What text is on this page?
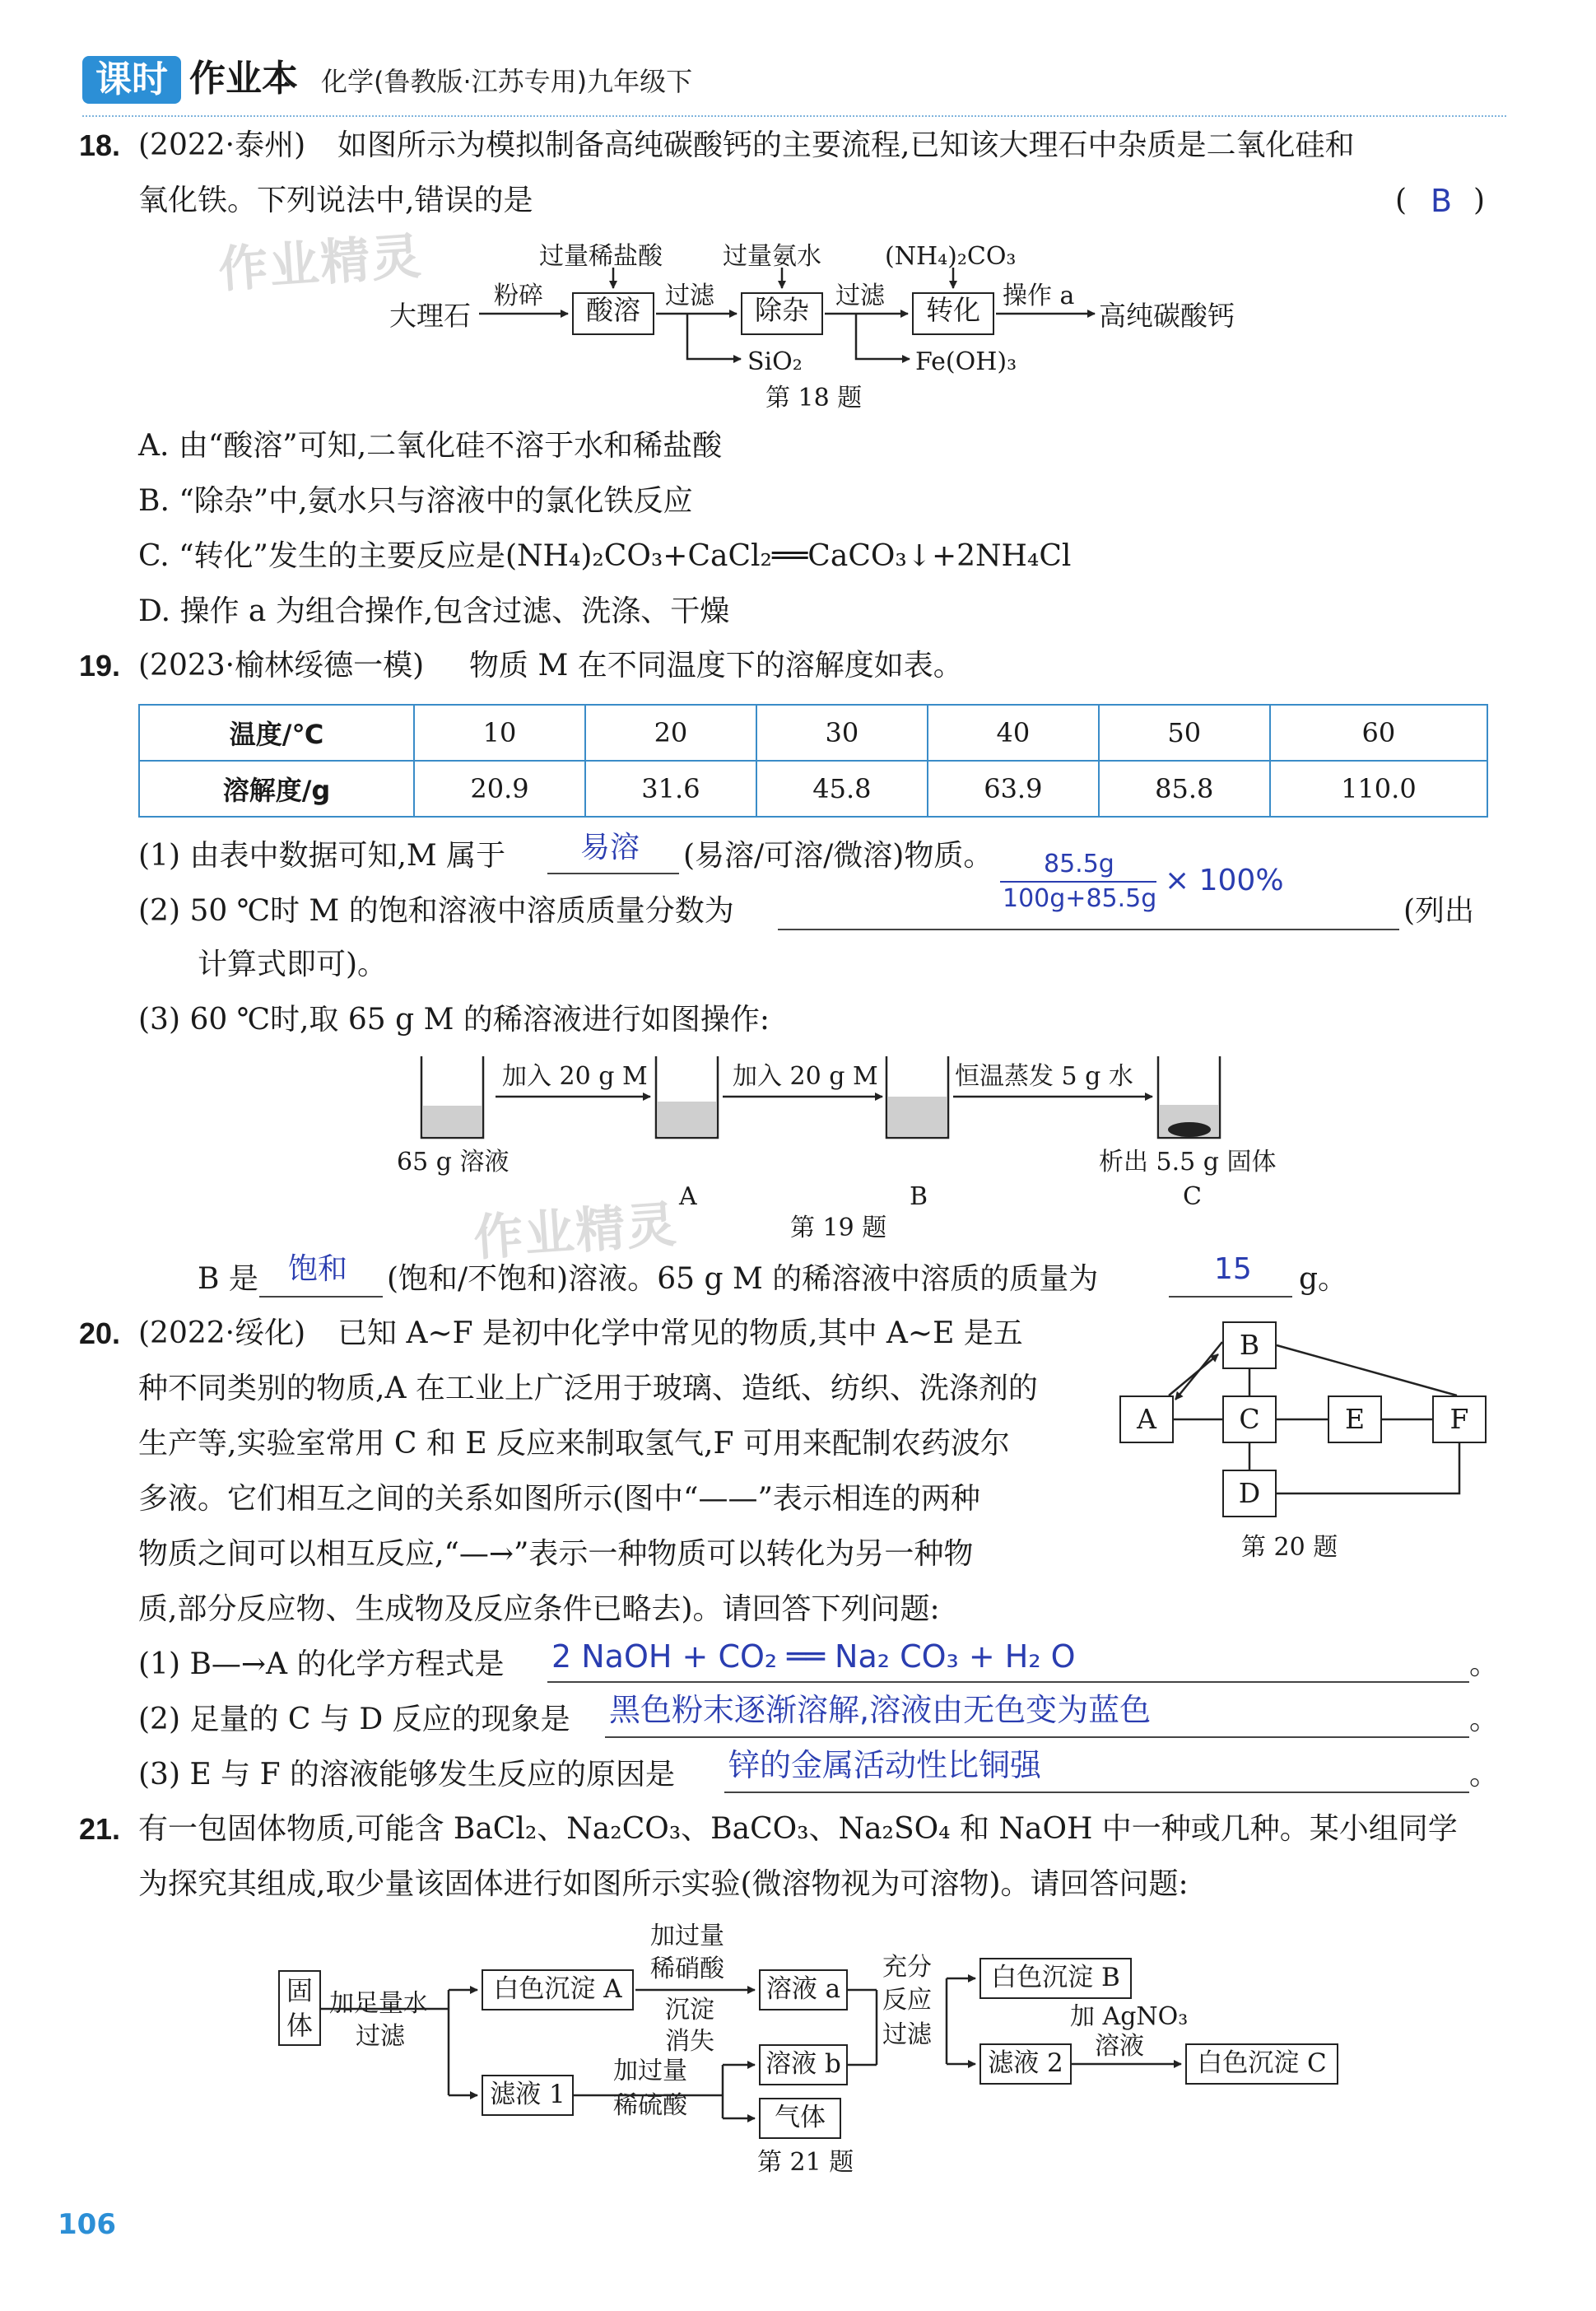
课时 作业本 化学(鲁教版·江苏专用)九年级下
作业精灵
作业精灵
18. (2022·泰州) 如图所示为模拟制备高纯碳酸钙的主要流程,已知该大理石中杂质是二氧化硅和
氧化铁。下列说法中,错误的是	( B )
过量稀盐酸 过量氨水	(NH₄)₂CO₃
大理石
粉碎	酸溶	过滤	除杂	过滤	转化 操作 a
高纯碳酸钙
SiO₂	Fe(OH)₃
第 18 题
A. 由“酸溶”可知,二氧化硅不溶于水和稀盐酸
B. “除杂”中,氨水只与溶液中的氯化铁反应
C. “转化”发生的主要反应是(NH₄)₂CO₃+CaCl₂══CaCO₃↓+2NH₄Cl
D. 操作 a 为组合操作,包含过滤、洗涤、干燥
19. (2023·榆林绥德一模) 物质 M 在不同温度下的溶解度如表。
温度/℃	10	20	30	40	50	60
溶解度/g	20.9	31.6	45.8	63.9	85.8	110.0
(1) 由表中数据可知,M 属于	易溶 (易溶/可溶/微溶)物质。
(2) 50 ℃时 M 的饱和溶液中溶质质量分数为
85.5g
100g+85.5g
× 100%
(列出
计算式即可)。
(3) 60 ℃时,取 65 g M 的稀溶液进行如图操作:
65 g 溶液
加入 20 g M
A
加入 20 g M
B
恒温蒸发 5 g 水
析出 5.5 g 固体
C
第 19 题
B 是 饱和 (饱和/不饱和)溶液。65 g M 的稀溶液中溶质的质量为	15 g。
20. (2022·绥化) 已知 A~F 是初中化学中常见的物质,其中 A~E 是五
种不同类别的物质,A 在工业上广泛用于玻璃、造纸、纺织、洗涤剂的
生产等,实验室常用 C 和 E 反应来制取氢气,F 可用来配制农药波尔
多液。它们相互之间的关系如图所示(图中“——”表示相连的两种
物质之间可以相互反应,“—→”表示一种物质可以转化为另一种物
质,部分反应物、生成物及反应条件已略去)。请回答下列问题:
B
A	C	E	F
D
第 20 题
(1) B—→A 的化学方程式是 2 NaOH + CO₂ ══ Na₂ CO₃ + H₂ O	。
(2) 足量的 C 与 D 反应的现象是 黑色粉末逐渐溶解,溶液由无色变为蓝色	。
(3) E 与 F 的溶液能够发生反应的原因是 锌的金属活动性比铜强	。
21. 有一包固体物质,可能含 BaCl₂、Na₂CO₃、BaCO₃、Na₂SO₄ 和 NaOH 中一种或几种。某小组同学
为探究其组成,取少量该固体进行如图所示实验(微溶物视为可溶物)。请回答问题:
固体
加足量水
过滤
白色沉淀 A
加过量
稀硝酸
沉淀
消失
溶液 a
充分
反应
过滤
白色沉淀 B
滤液 1
加过量
稀硫酸
溶液 b
气体
滤液 2
加 AgNO₃
溶液
白色沉淀 C
第 21 题
106
